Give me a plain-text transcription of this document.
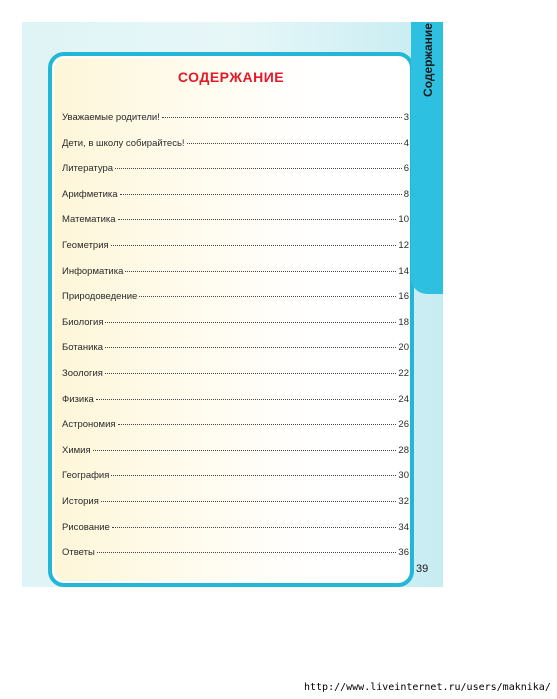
СОДЕРЖАНИЕ
Уважаемые родители!	3
Дети, в школу собирайтесь!	4
Литература	6
Арифметика	8
Математика	10
Геометрия	12
Информатика	14
Природоведение	16
Биология	18
Ботаника	20
Зоология	22
Физика	24
Астрономия	26
Химия	28
География	30
История	32
Рисование	34
Ответы	36
Содержание
39
http://www.liveinternet.ru/users/maknika/
